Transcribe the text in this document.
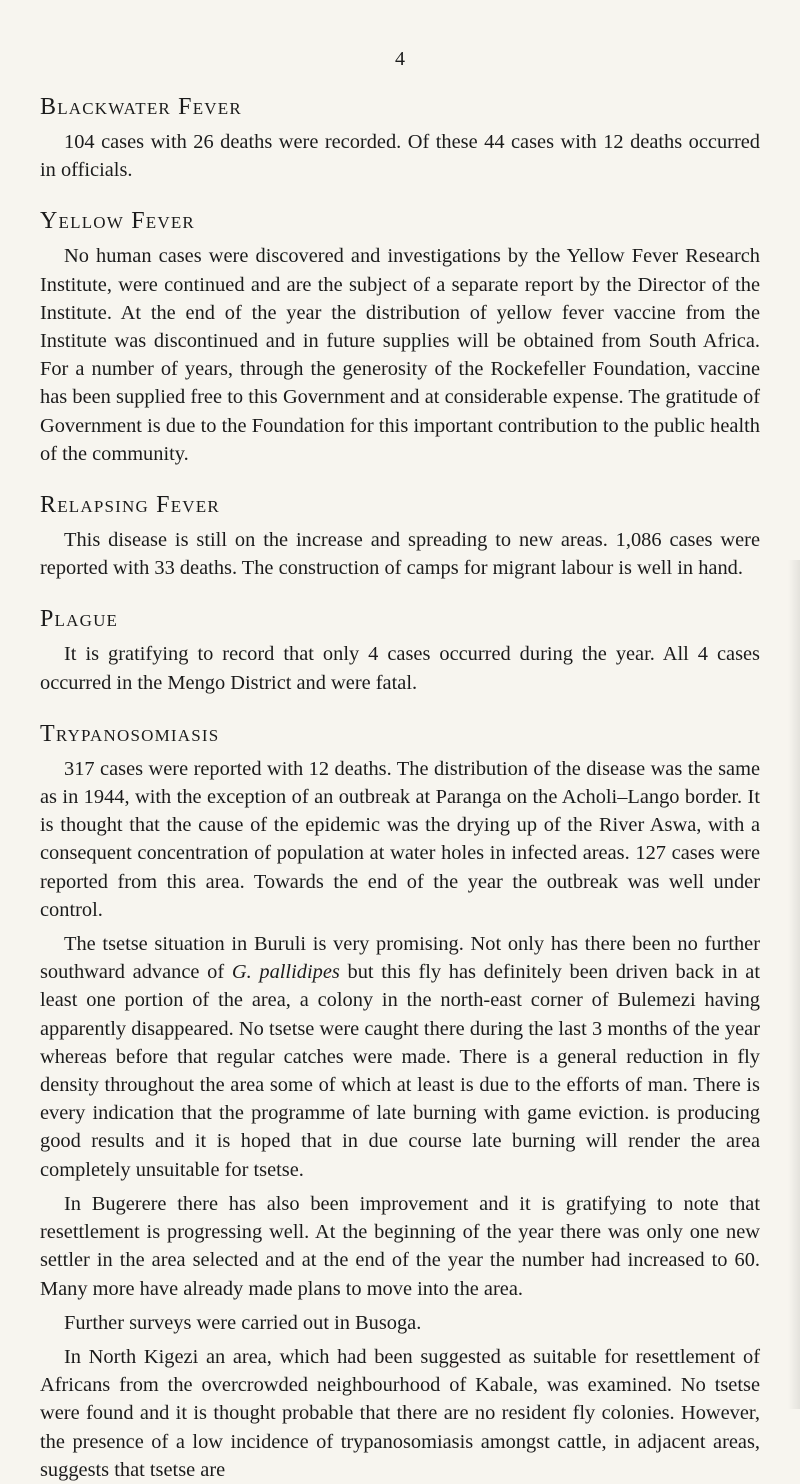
4
Blackwater Fever

104 cases with 26 deaths were recorded. Of these 44 cases with 12 deaths occurred in officials.

Yellow Fever

No human cases were discovered and investigations by the Yellow Fever Research Institute, were continued and are the subject of a separate report by the Director of the Institute. At the end of the year the distribution of yellow fever vaccine from the Institute was discontinued and in future supplies will be obtained from South Africa. For a number of years, through the generosity of the Rockefeller Foundation, vaccine has been supplied free to this Government and at considerable expense. The gratitude of Government is due to the Foundation for this important contribution to the public health of the community.

Relapsing Fever

This disease is still on the increase and spreading to new areas. 1,086 cases were reported with 33 deaths. The construction of camps for migrant labour is well in hand.

Plague

It is gratifying to record that only 4 cases occurred during the year. All 4 cases occurred in the Mengo District and were fatal.

Trypanosomiasis

317 cases were reported with 12 deaths. The distribution of the disease was the same as in 1944, with the exception of an outbreak at Paranga on the Acholi–Lango border. It is thought that the cause of the epidemic was the drying up of the River Aswa, with a consequent concentration of population at water holes in infected areas. 127 cases were reported from this area. Towards the end of the year the outbreak was well under control.

The tsetse situation in Buruli is very promising. Not only has there been no further southward advance of G. pallidipes but this fly has definitely been driven back in at least one portion of the area, a colony in the north-east corner of Bulemezi having apparently disappeared. No tsetse were caught there during the last 3 months of the year whereas before that regular catches were made. There is a general reduction in fly density throughout the area some of which at least is due to the efforts of man. There is every indication that the programme of late burning with game eviction. is producing good results and it is hoped that in due course late burning will render the area completely unsuitable for tsetse.

In Bugerere there has also been improvement and it is gratifying to note that resettlement is progressing well. At the beginning of the year there was only one new settler in the area selected and at the end of the year the number had increased to 60. Many more have already made plans to move into the area.

Further surveys were carried out in Busoga.

In North Kigezi an area, which had been suggested as suitable for resettlement of Africans from the overcrowded neighbourhood of Kabale, was examined. No tsetse were found and it is thought probable that there are no resident fly colonies. However, the presence of a low incidence of trypanosomiasis amongst cattle, in adjacent areas, suggests that tsetse are
